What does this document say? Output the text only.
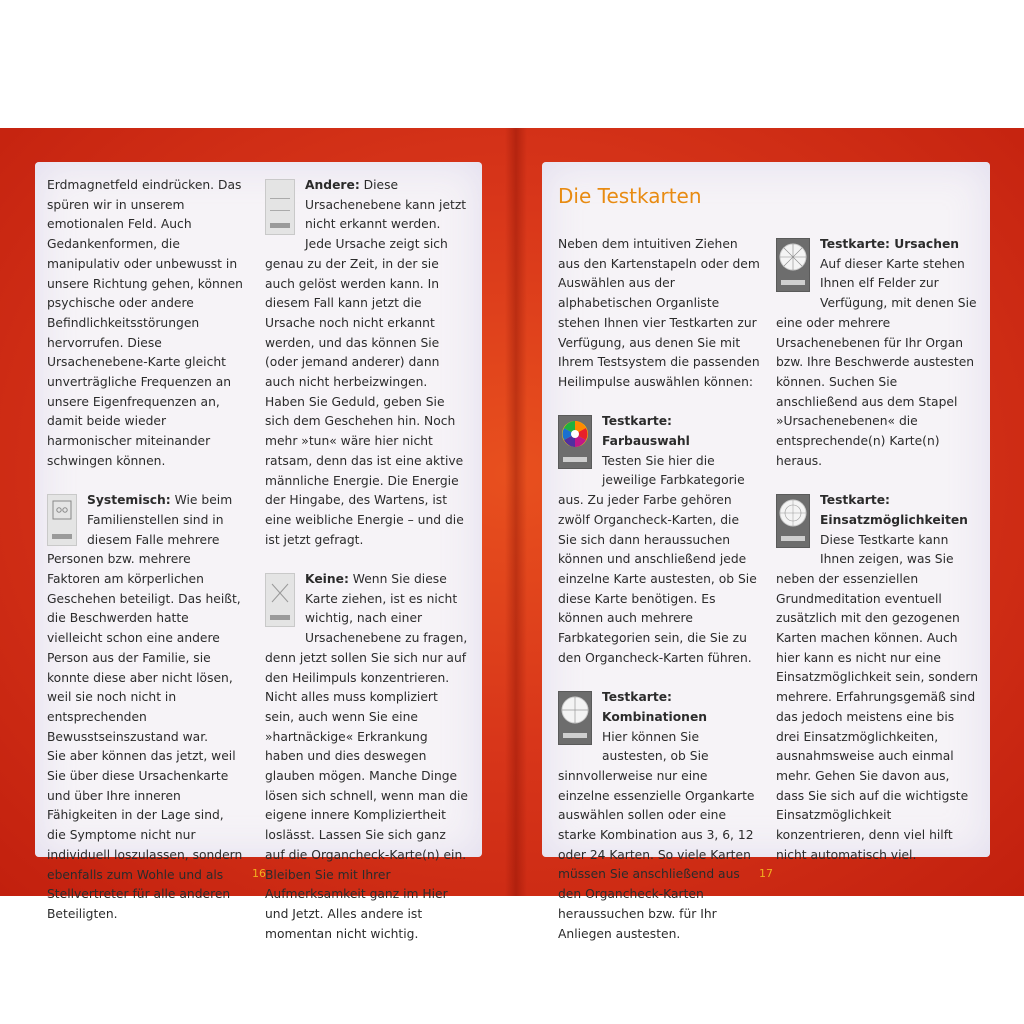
16	17

Erdmagnetfeld eindrücken. Das spüren wir in unserem emotionalen Feld. Auch Gedankenformen, die manipulativ oder unbewusst in unsere Richtung gehen, können psychische oder andere Befindlichkeitsstörungen hervorrufen. Diese Ursachenebene-Karte gleicht unverträgliche Frequenzen an unsere Eigenfrequenzen an, damit beide wieder harmonischer miteinander schwingen können.

Systemisch: Wie beim Familienstellen sind in diesem Falle mehrere Personen bzw. mehrere Faktoren am körperlichen Geschehen beteiligt. Das heißt, die Beschwerden hatte vielleicht schon eine andere Person aus der Familie, sie konnte diese aber nicht lösen, weil sie noch nicht in entsprechenden Bewusstseinszustand war.

Sie aber können das jetzt, weil Sie über diese Ursachenkarte und über Ihre inneren Fähigkeiten in der Lage sind, die Symptome nicht nur individuell loszulassen, sondern ebenfalls zum Wohle und als Stellvertreter für alle anderen Beteiligten.

Andere: Diese Ursachenebene kann jetzt nicht erkannt werden. Jede Ursache zeigt sich genau zu der Zeit, in der sie auch gelöst werden kann. In diesem Fall kann jetzt die Ursache noch nicht erkannt werden, und das können Sie (oder jemand anderer) dann auch nicht herbeizwingen. Haben Sie Geduld, geben Sie sich dem Geschehen hin. Noch mehr »tun« wäre hier nicht ratsam, denn das ist eine aktive männliche Energie. Die Energie der Hingabe, des Wartens, ist eine weibliche Energie – und die ist jetzt gefragt.

Keine: Wenn Sie diese Karte ziehen, ist es nicht wichtig, nach einer Ursachenebene zu fragen, denn jetzt sollen Sie sich nur auf den Heilimpuls konzentrieren. Nicht alles muss kompliziert sein, auch wenn Sie eine »hartnäckige« Erkrankung haben und dies deswegen glauben mögen. Manche Dinge lösen sich schnell, wenn man die eigene innere Kompliziertheit loslässt. Lassen Sie sich ganz auf die Organcheck-Karte(n) ein. Bleiben Sie mit Ihrer Aufmerksamkeit ganz im Hier und Jetzt. Alles andere ist momentan nicht wichtig.

Die Testkarten

Neben dem intuitiven Ziehen aus den Kartenstapeln oder dem Auswählen aus der alphabetischen Organliste stehen Ihnen vier Testkarten zur Verfügung, aus denen Sie mit Ihrem Testsystem die passenden Heilimpulse auswählen können:

Testkarte: Farbauswahl
Testen Sie hier die jeweilige Farbkategorie aus. Zu jeder Farbe gehören zwölf Organcheck-Karten, die Sie sich dann heraussuchen können und anschließend jede einzelne Karte austesten, ob Sie diese Karte benötigen. Es können auch mehrere Farbkategorien sein, die Sie zu den Organcheck-Karten führen.

Testkarte: Kombinationen
Hier können Sie austesten, ob Sie sinnvollerweise nur eine einzelne essenzielle Organkarte auswählen sollen oder eine starke Kombination aus 3, 6, 12 oder 24 Karten. So viele Karten müssen Sie anschließend aus den Organcheck-Karten heraussuchen bzw. für Ihr Anliegen austesten.

Testkarte: Ursachen
Auf dieser Karte stehen Ihnen elf Felder zur Verfügung, mit denen Sie eine oder mehrere Ursachenebenen für Ihr Organ bzw. Ihre Beschwerde austesten können. Suchen Sie anschließend aus dem Stapel »Ursachenebenen« die entsprechende(n) Karte(n) heraus.

Testkarte: Einsatzmöglichkeiten
Diese Testkarte kann Ihnen zeigen, was Sie neben der essenziellen Grundmeditation eventuell zusätzlich mit den gezogenen Karten machen können. Auch hier kann es nicht nur eine Einsatzmöglichkeit sein, sondern mehrere. Erfahrungsgemäß sind das jedoch meistens eine bis drei Einsatzmöglichkeiten, ausnahmsweise auch einmal mehr. Gehen Sie davon aus, dass Sie sich auf die wichtigste Einsatzmöglichkeit konzentrieren, denn viel hilft nicht automatisch viel.
